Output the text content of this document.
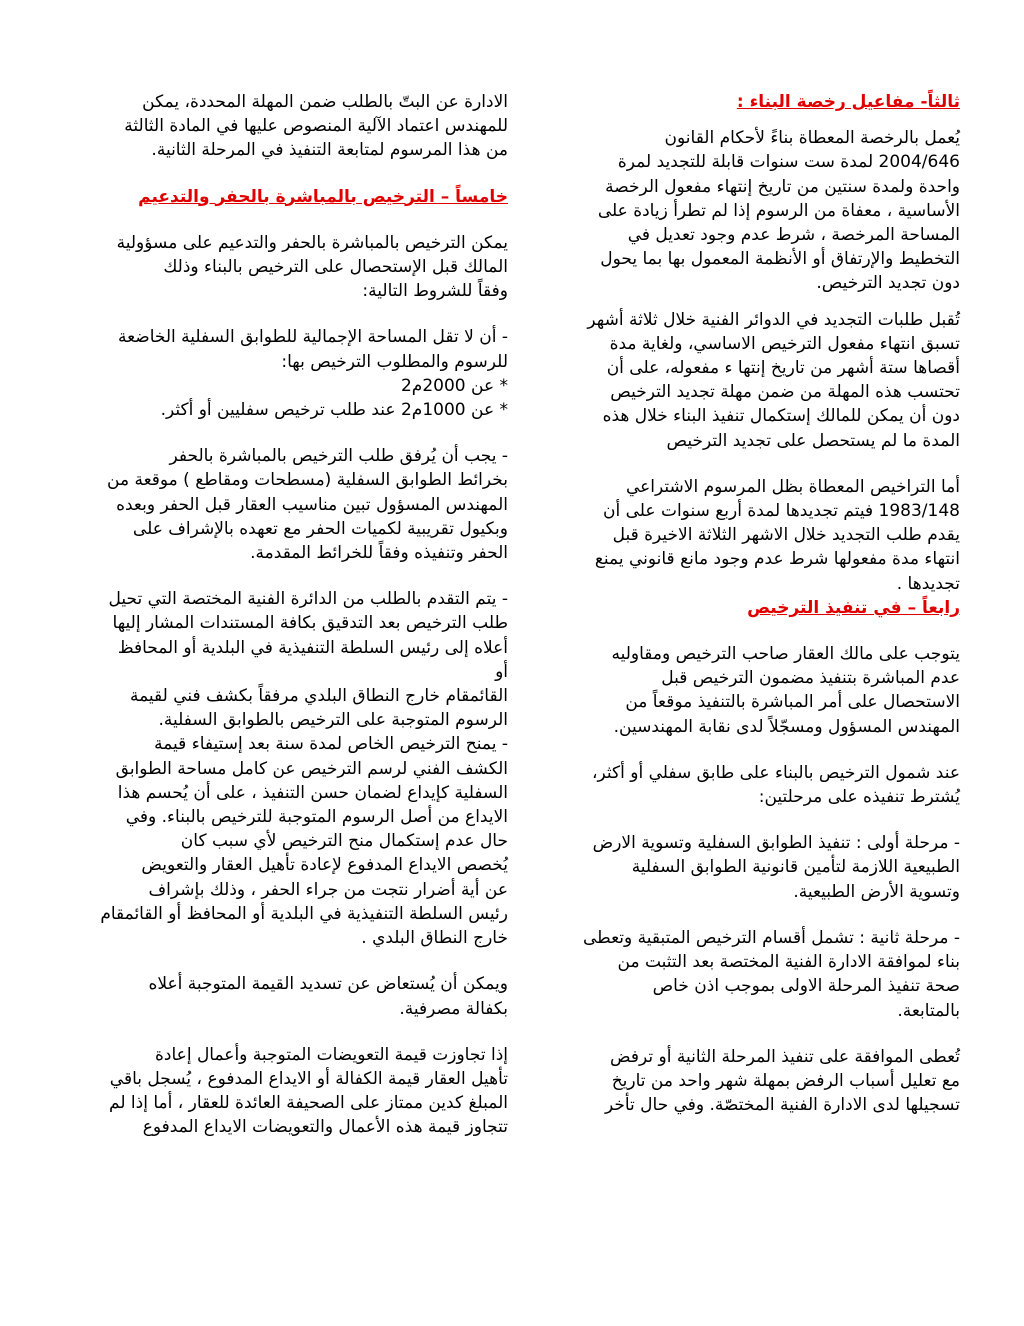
ثالثاً- مفاعيل رخصة البناء :

يُعمل بالرخصة المعطاة بناءً لأحكام القانون

2004/646 لمدة ست سنوات قابلة للتجديد لمرة

واحدة ولمدة سنتين من تاريخ إنتهاء مفعول الرخصة

الأساسية ، معفاة من الرسوم إذا لم تطرأ زيادة على

المساحة المرخصة ، شرط عدم وجود تعديل في

التخطيط والإرتفاق أو الأنظمة المعمول بها بما يحول

دون تجديد الترخيص.

تُقبل طلبات التجديد في الدوائر الفنية خلال ثلاثة أشهر

تسبق انتهاء مفعول الترخيص الاساسي، ولغاية مدة

أقصاها ستة أشهر من تاريخ إنتها ء مفعوله، على أن

تحتسب هذه المهلة من ضمن مهلة تجديد الترخيص

دون أن يمكن للمالك إستكمال تنفيذ البناء خلال هذه

المدة ما لم يستحصل على تجديد الترخيص

أما التراخيص المعطاة بظل المرسوم الاشتراعي

1983/148 فيتم تجديدها لمدة أربع سنوات على أن

يقدم طلب التجديد خلال الاشهر الثلاثة الاخيرة قبل

انتهاء مدة مفعولها شرط عدم وجود مانع قانوني يمنع

تجديدها .

رابعاً – في تنفيذ الترخيص

يتوجب على مالك العقار صاحب الترخيص ومقاوليه

عدم المباشرة بتنفيذ مضمون الترخيص قبل

الاستحصال على أمر المباشرة بالتنفيذ موقعاً من

المهندس المسؤول ومسجّلاً لدى نقابة المهندسين.

عند شمول الترخيص بالبناء على طابق سفلي أو أكثر،

يُشترط تنفيذه على مرحلتين:

- مرحلة أولى : تنفيذ الطوابق السفلية وتسوية الارض

الطبيعية اللازمة لتأمين قانونية الطوابق السفلية

وتسوية الأرض الطبيعية.

- مرحلة ثانية : تشمل أقسام الترخيص المتبقية وتعطى

بناء لموافقة الادارة الفنية المختصة بعد التثبت من

صحة تنفيذ المرحلة الاولى بموجب اذن خاص

بالمتابعة.

تُعطى الموافقة على تنفيذ المرحلة الثانية أو ترفض

مع تعليل أسباب الرفض بمهلة شهر واحد من تاريخ

تسجيلها لدى الادارة الفنية المختصّة. وفي حال تأخر

الادارة عن البتّ بالطلب ضمن المهلة المحددة، يمكن

للمهندس اعتماد الآلية المنصوص عليها في المادة الثالثة

من هذا المرسوم لمتابعة التنفيذ في المرحلة الثانية.

خامساً – الترخيص بالمباشرة بالحفر والتدعيم

يمكن الترخيص بالمباشرة بالحفر والتدعيم على مسؤولية

المالك قبل الإستحصال على الترخيص بالبناء وذلك

وفقاً للشروط التالية:

- أن لا تقل المساحة الإجمالية للطوابق السفلية الخاضعة

للرسوم والمطلوب الترخيص بها:

* عن 2000م2

* عن 1000م2 عند طلب ترخيص سفليين أو أكثر.

- يجب أن يُرفق طلب الترخيص بالمباشرة بالحفر

بخرائط الطوابق السفلية (مسطحات ومقاطع ) موقعة من

المهندس المسؤول تبين مناسيب العقار قبل الحفر وبعده

وبكيول تقريبية لكميات الحفر مع تعهده بالإشراف على

الحفر وتنفيذه وفقاً للخرائط المقدمة.

- يتم التقدم بالطلب من الدائرة الفنية المختصة التي تحيل

طلب الترخيص بعد التدقيق بكافة المستندات المشار إليها

أعلاه إلى رئيس السلطة التنفيذية في البلدية أو المحافظ أو

القائمقام خارج النطاق البلدي مرفقاً بكشف فني لقيمة

الرسوم المتوجبة على الترخيص بالطوابق السفلية.

- يمنح الترخيص الخاص لمدة سنة بعد إستيفاء قيمة

الكشف الفني لرسم الترخيص عن كامل مساحة الطوابق

السفلية كإيداع لضمان حسن التنفيذ ، على أن يُحسم هذا

الايداع من أصل الرسوم المتوجبة للترخيص بالبناء. وفي

حال عدم إستكمال منح الترخيص لأي سبب كان

يُخصص الايداع المدفوع لإعادة تأهيل العقار والتعويض

عن أية أضرار نتجت من جراء الحفر ، وذلك بإشراف

رئيس السلطة التنفيذية في البلدية أو المحافظ أو القائمقام

خارج النطاق البلدي .

ويمكن أن يُستعاض عن تسديد القيمة المتوجبة أعلاه

بكفالة مصرفية.

إذا تجاوزت قيمة التعويضات المتوجبة وأعمال إعادة

تأهيل العقار قيمة الكفالة أو الايداع المدفوع ، يُسجل باقي

المبلغ كدين ممتاز على الصحيفة العائدة للعقار ، أما إذا لم

تتجاوز قيمة هذه الأعمال والتعويضات الايداع المدفوع
